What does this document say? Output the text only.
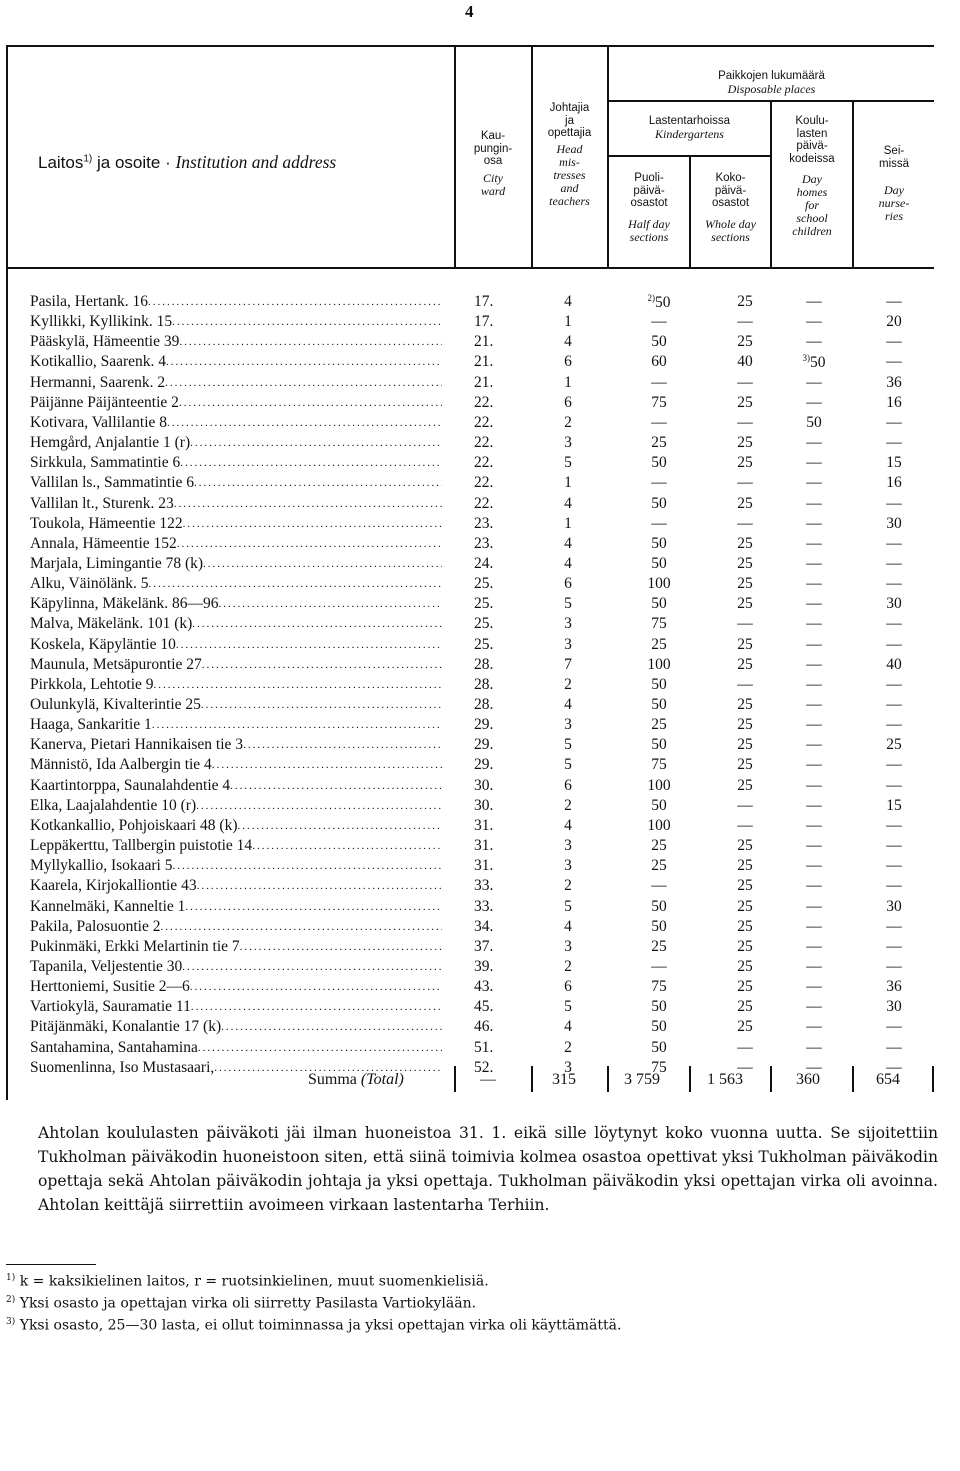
4
Laitos$^{1)}$ ja osoite · Institution and address
Kau-
pungin-
osa
City
ward
Johtajia
ja
opettajia
Head
mis-
tresses
and
teachers
Paikkojen lukumäärä
Disposable places
Lastentarhoissa
Kindergartens
Puoli-
päivä-
osastot
Half day
sections
Koko-
päivä-
osastot
Whole day
sections
Koulu-
lasten
päivä-
kodeissa
Day
homes
for
school
children
Sei-
missä
Day
nurse-
ries
Pasila, Hertank. 16 .....	17.	4	$^{2)}$50	25	—	—
Kyllikki, Kyllikink. 15 .....	17.	1	—	—	—	20
Pääskylä, Hämeentie 39 .....	21.	4	50	25	—	—
Kotikallio, Saarenk. 4 .....	21.	6	60	40	$^{3)}$50	—
Hermanni, Saarenk. 2 .....	21.	1	—	—	—	36
Päijänne Päijänteentie 2 .....	22.	6	75	25	—	16
Kotivara, Vallilantie 8 .....	22.	2	—	—	50	—
Hemgård, Anjalantie 1 (r) .....	22.	3	25	25	—	—
Sirkkula, Sammatintie 6 .....	22.	5	50	25	—	15
Vallilan ls., Sammatintie 6 .....	22.	1	—	—	—	16
Vallilan lt., Sturenk. 23 .....	22.	4	50	25	—	—
Toukola, Hämeentie 122 .....	23.	1	—	—	—	30
Annala, Hämeentie 152 .....	23.	4	50	25	—	—
Marjala, Limingantie 78 (k) .....	24.	4	50	25	—	—
Alku, Väinölänk. 5 .....	25.	6	100	25	—	—
Käpylinna, Mäkelänk. 86—96 .....	25.	5	50	25	—	30
Malva, Mäkelänk. 101 (k) .....	25.	3	75	—	—	—
Koskela, Käpyläntie 10 .....	25.	3	25	25	—	—
Maunula, Metsäpurontie 27 .....	28.	7	100	25	—	40
Pirkkola, Lehtotie 9 .....	28.	2	50	—	—	—
Oulunkylä, Kivalterintie 25 .....	28.	4	50	25	—	—
Haaga, Sankaritie 1 .....	29.	3	25	25	—	—
Kanerva, Pietari Hannikaisen tie 3 .....	29.	5	50	25	—	25
Männistö, Ida Aalbergin tie 4 .....	29.	5	75	25	—	—
Kaartintorppa, Saunalahdentie 4 .....	30.	6	100	25	—	—
Elka, Laajalahdentie 10 (r) .....	30.	2	50	—	—	15
Kotkankallio, Pohjoiskaari 48 (k) .....	31.	4	100	—	—	—
Leppäkerttu, Tallbergin puistotie 14 .....	31.	3	25	25	—	—
Myllykallio, Isokaari 5 .....	31.	3	25	25	—	—
Kaarela, Kirjokalliontie 43 .....	33.	2	—	25	—	—
Kannelmäki, Kanneltie 1 .....	33.	5	50	25	—	30
Pakila, Palosuontie 2 .....	34.	4	50	25	—	—
Pukinmäki, Erkki Melartinin tie 7 .....	37.	3	25	25	—	—
Tapanila, Veljestentie 30 .....	39.	2	—	25	—	—
Herttoniemi, Susitie 2—6 .....	43.	6	75	25	—	36
Vartiokylä, Sauramatie 11 .....	45.	5	50	25	—	30
Pitäjänmäki, Konalantie 17 (k) .....	46.	4	50	25	—	—
Santahamina, Santahamina .....	51.	2	50	—	—	—
Suomenlinna, Iso Mustasaari, .....	52.	3	75	—	—	—
Summa (Total)	—	315	3 759	1 563	360	654
Ahtolan koululasten päiväkoti jäi ilman huoneistoa 31. 1. eikä sille löytynyt koko vuonna uutta. Se sijoitettiin Tukholman päiväkodin huoneistoon siten, että siinä toimivia kolmea osastoa opettivat yksi Tukholman päiväkodin opettaja sekä Ahtolan päiväkodin johtaja ja yksi opettaja. Tukholman päiväkodin yksi opettajan virka oli avoinna. Ahtolan keittäjä siirrettiin avoimeen virkaan lastentarha Terhiin.
$^{1)}$ k = kaksikielinen laitos, r = ruotsinkielinen, muut suomenkielisiä.
$^{2)}$ Yksi osasto ja opettajan virka oli siirretty Pasilasta Vartiokylään.
$^{3)}$ Yksi osasto, 25—30 lasta, ei ollut toiminnassa ja yksi opettajan virka oli käyttämättä.
